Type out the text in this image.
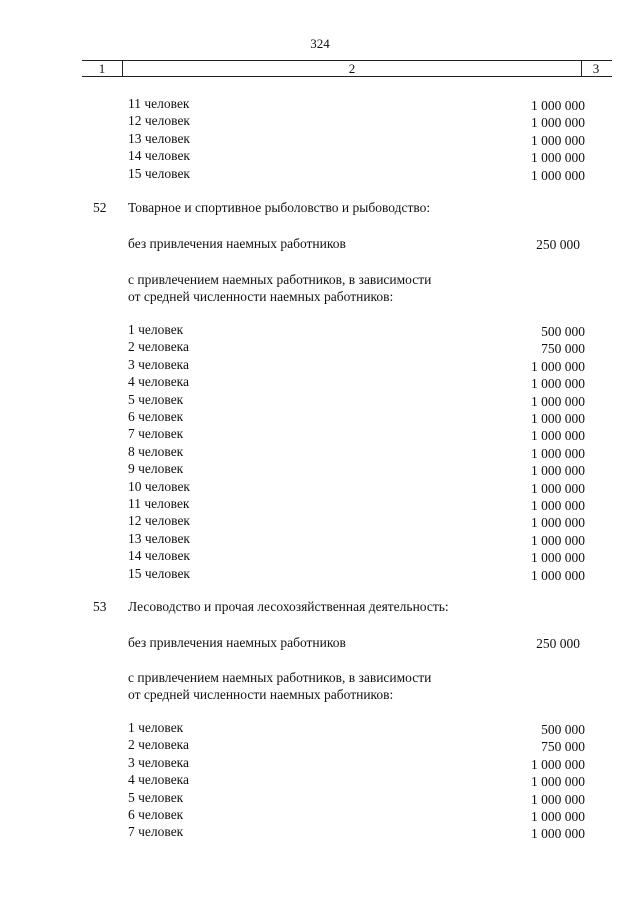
324
1	2	3
11 человек	1 000 000
12 человек	1 000 000
13 человек	1 000 000
14 человек	1 000 000
15 человек	1 000 000
52 Товарное и спортивное рыболовство и рыбоводство:
без привлечения наемных работников	250 000
с привлечением наемных работников, в зависимости
от средней численности наемных работников:
1 человек	500 000
2 человека	750 000
3 человека	1 000 000
4 человека	1 000 000
5 человек	1 000 000
6 человек	1 000 000
7 человек	1 000 000
8 человек	1 000 000
9 человек	1 000 000
10 человек	1 000 000
11 человек	1 000 000
12 человек	1 000 000
13 человек	1 000 000
14 человек	1 000 000
15 человек	1 000 000
53 Лесоводство и прочая лесохозяйственная деятельность:
без привлечения наемных работников	250 000
с привлечением наемных работников, в зависимости
от средней численности наемных работников:
1 человек	500 000
2 человека	750 000
3 человека	1 000 000
4 человека	1 000 000
5 человек	1 000 000
6 человек	1 000 000
7 человек	1 000 000
